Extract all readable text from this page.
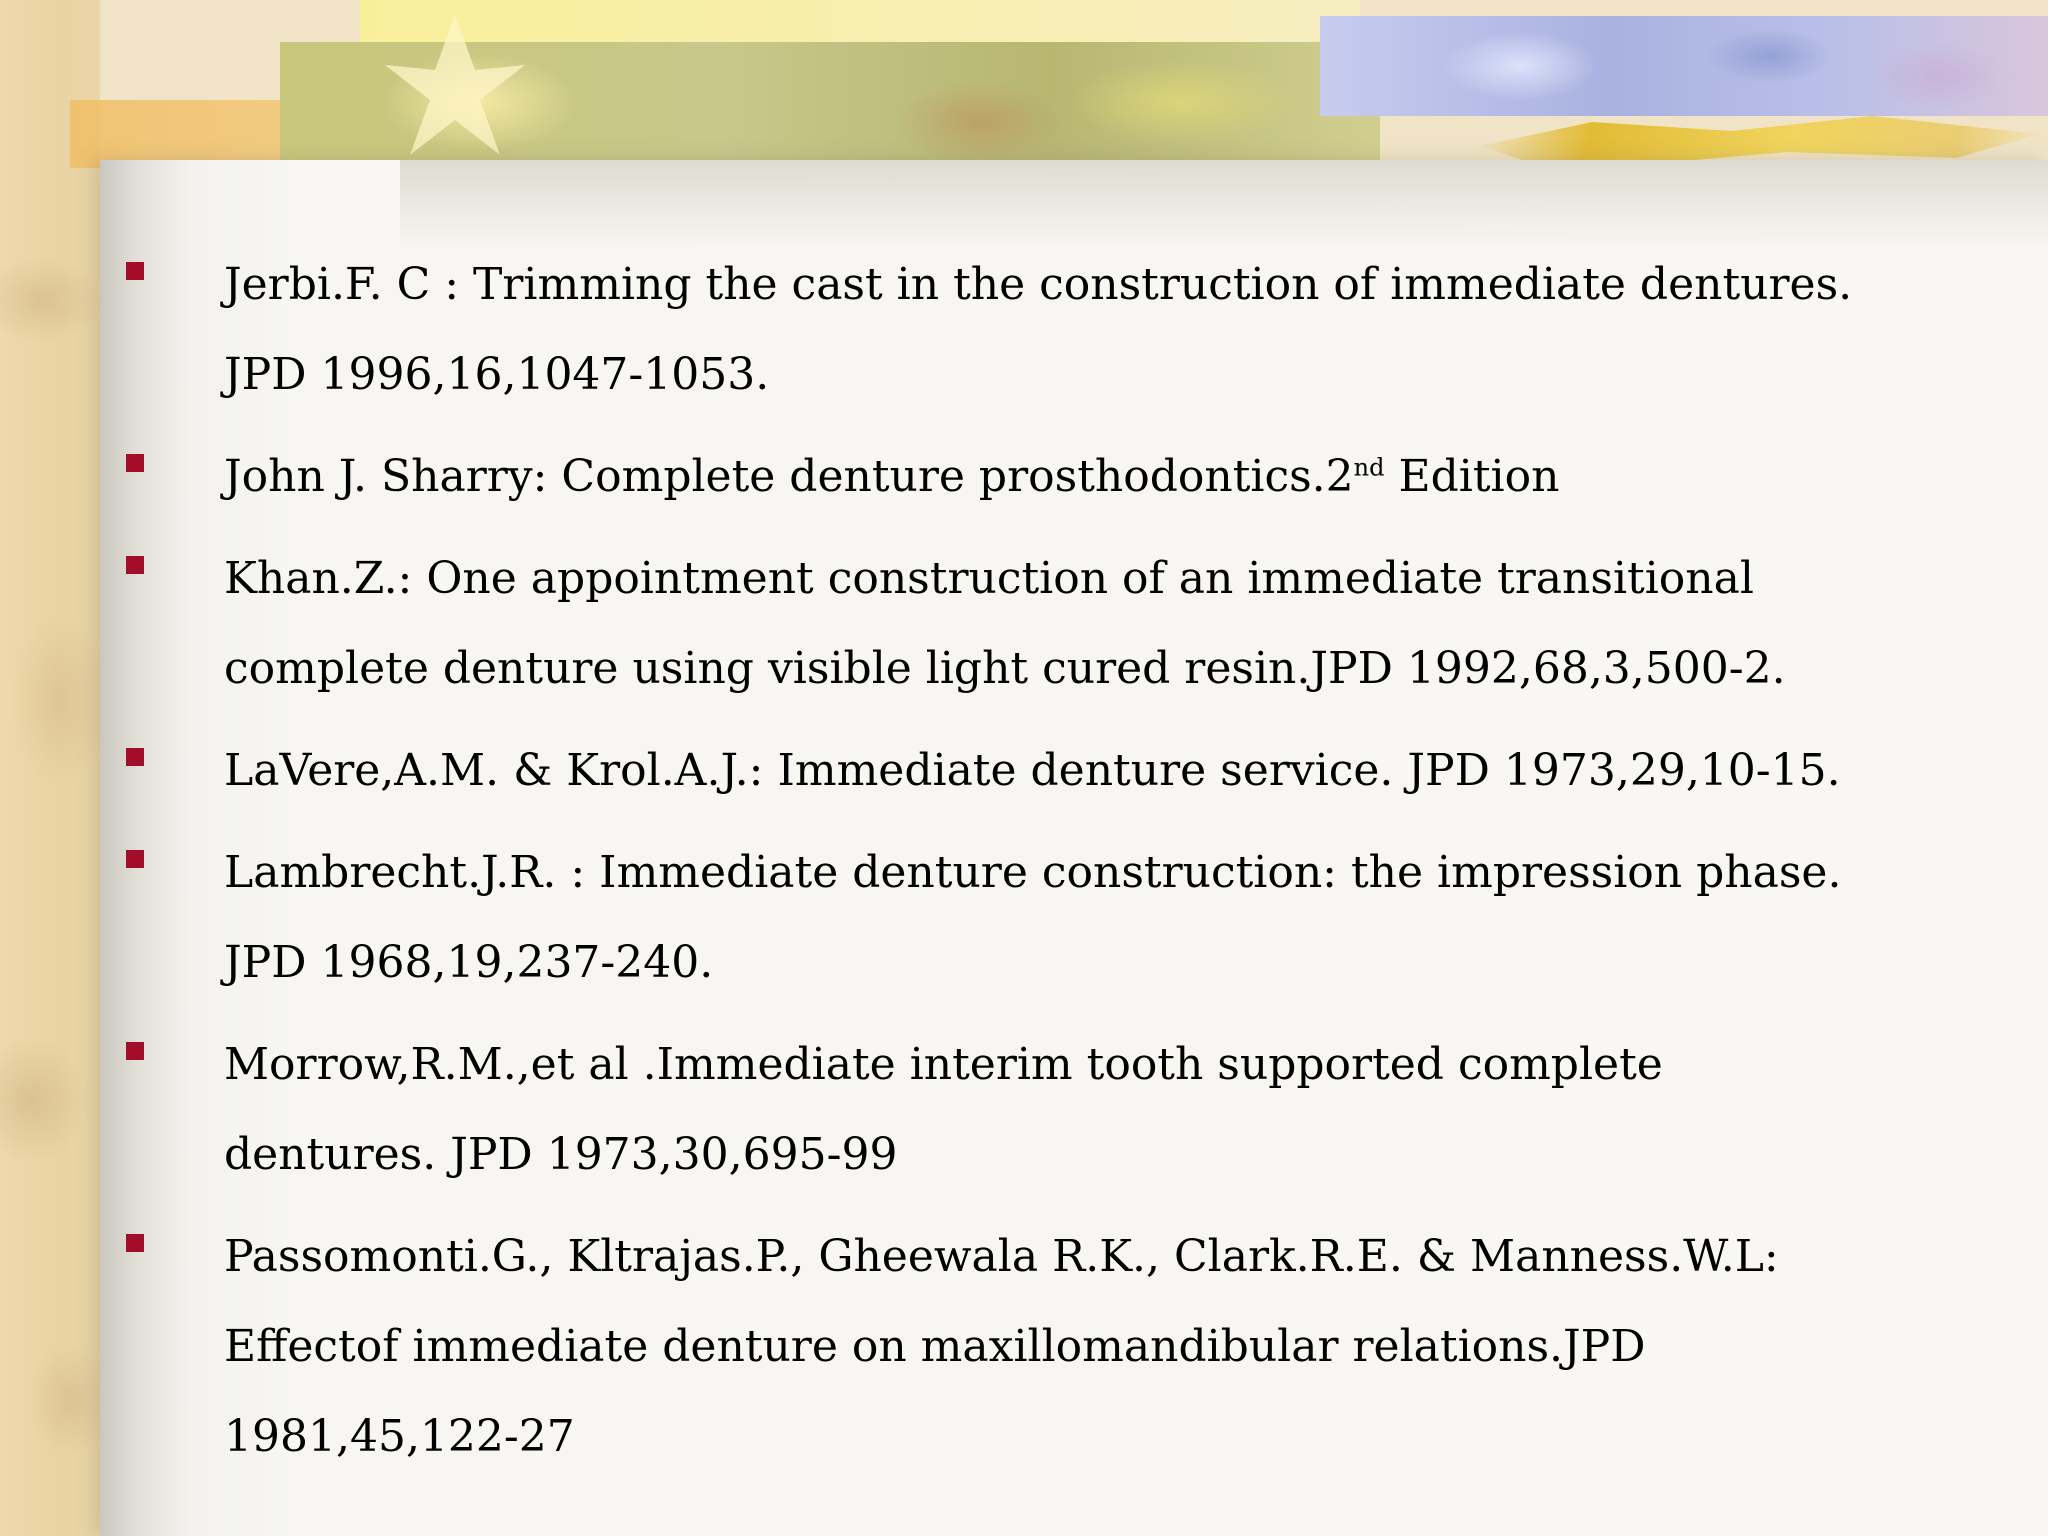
Jerbi.F. C : Trimming the cast in the construction of immediate dentures. JPD 1996,16,1047-1053.
John J. Sharry: Complete denture prosthodontics.2nd Edition
Khan.Z.: One appointment construction of an immediate transitional complete denture using visible light cured resin.JPD 1992,68,3,500-2.
LaVere,A.M. & Krol.A.J.: Immediate denture service. JPD 1973,29,10-15.
Lambrecht.J.R. : Immediate denture construction: the impression phase. JPD 1968,19,237-240.
Morrow,R.M.,et al .Immediate interim tooth supported complete dentures. JPD 1973,30,695-99
Passomonti.G., Kltrajas.P., Gheewala R.K., Clark.R.E. & Manness.W.L: Effectof immediate denture on maxillomandibular relations.JPD 1981,45,122-27
